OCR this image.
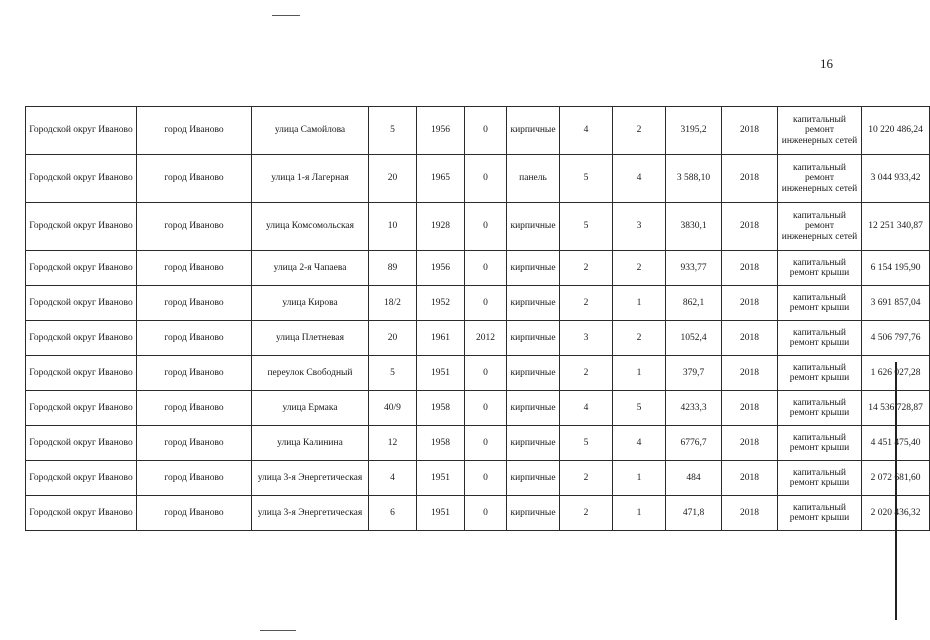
16
Городской округ Иваново	город Иваново	улица Самойлова	5	1956	0	кирпичные	4	2	3195,2	2018	капитальный ремонт инженерных сетей	10 220 486,24
Городской округ Иваново	город Иваново	улица 1-я Лагерная	20	1965	0	панель	5	4	3 588,10	2018	капитальный ремонт инженерных сетей	3 044 933,42
Городской округ Иваново	город Иваново	улица Комсомольская	10	1928	0	кирпичные	5	3	3830,1	2018	капитальный ремонт инженерных сетей	12 251 340,87
Городской округ Иваново	город Иваново	улица 2-я Чапаева	89	1956	0	кирпичные	2	2	933,77	2018	капитальный ремонт крыши	6 154 195,90
Городской округ Иваново	город Иваново	улица Кирова	18/2	1952	0	кирпичные	2	1	862,1	2018	капитальный ремонт крыши	3 691 857,04
Городской округ Иваново	город Иваново	улица Плетневая	20	1961	2012	кирпичные	3	2	1052,4	2018	капитальный ремонт крыши	4 506 797,76
Городской округ Иваново	город Иваново	переулок Свободный	5	1951	0	кирпичные	2	1	379,7	2018	капитальный ремонт крыши	1 626 027,28
Городской округ Иваново	город Иваново	улица Ермака	40/9	1958	0	кирпичные	4	5	4233,3	2018	капитальный ремонт крыши	14 536 728,87
Городской округ Иваново	город Иваново	улица Калинина	12	1958	0	кирпичные	5	4	6776,7	2018	капитальный ремонт крыши	4 451 475,40
Городской округ Иваново	город Иваново	улица 3-я Энергетическая	4	1951	0	кирпичные	2	1	484	2018	капитальный ремонт крыши	2 072 681,60
Городской округ Иваново	город Иваново	улица 3-я Энергетическая	6	1951	0	кирпичные	2	1	471,8	2018	капитальный ремонт крыши	2 020 436,32
